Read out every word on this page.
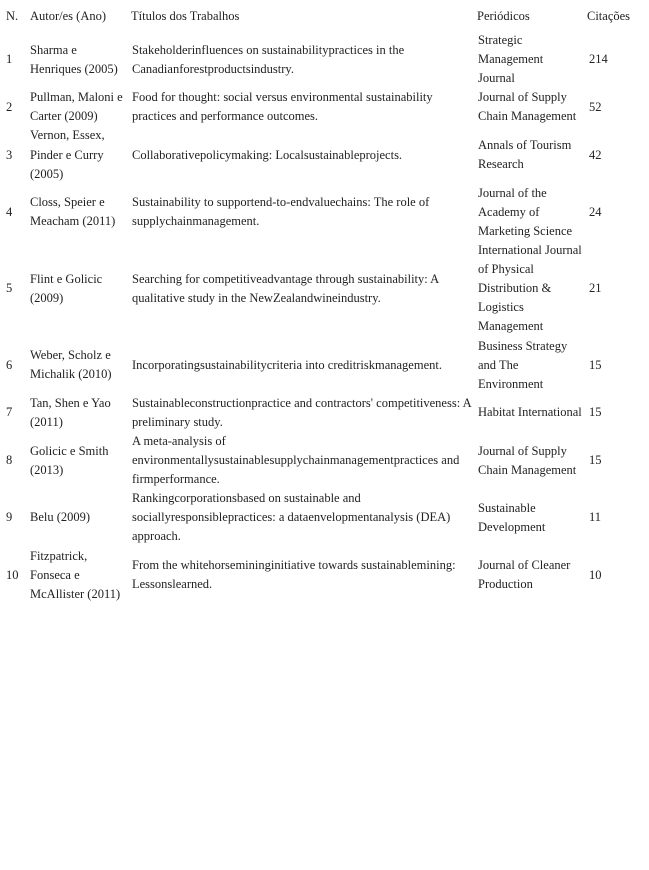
N.	Autor/es (Ano)	Títulos dos Trabalhos	Periódicos	Citações
1	Sharma e Henriques (2005)	Stakeholderinfluences on sustainabilitypractices in the Canadianforestproductsindustry.	Strategic Management Journal	214
2	Pullman, Maloni e Carter (2009)	Food for thought: social versus environmental sustainability practices and performance outcomes.	Journal of Supply Chain Management	52
3	Vernon, Essex, Pinder e Curry (2005)	Collaborativepolicymaking: Localsustainableprojects.	Annals of Tourism Research	42
4	Closs, Speier e Meacham (2011)	Sustainability to supportend-to-endvaluechains: The role of supplychainmanagement.	Journal of the Academy of Marketing Science	24
5	Flint e Golicic (2009)	Searching for competitiveadvantage through sustainability: A qualitative study in the NewZealandwineindustry.	International Journal of Physical Distribution & Logistics Management	21
6	Weber, Scholz e Michalik (2010)	Incorporatingsustainabilitycriteria into creditriskmanagement.	Business Strategy and The Environment	15
7	Tan, Shen e Yao (2011)	Sustainableconstructionpractice and contractors' competitiveness: A preliminary study.	Habitat International	15
8	Golicic e Smith (2013)	A meta-analysis of environmentallysustainablesupplychainmanagementpractices and firmperformance.	Journal of Supply Chain Management	15
9	Belu (2009)	Rankingcorporationsbased on sustainable and sociallyresponsiblepractices: a dataenvelopmentanalysis (DEA) approach.	Sustainable Development	11
10	Fitzpatrick, Fonseca e McAllister (2011)	From the whitehorsemininginitiative towards sustainablemining: Lessonslearned.	Journal of Cleaner Production	10
